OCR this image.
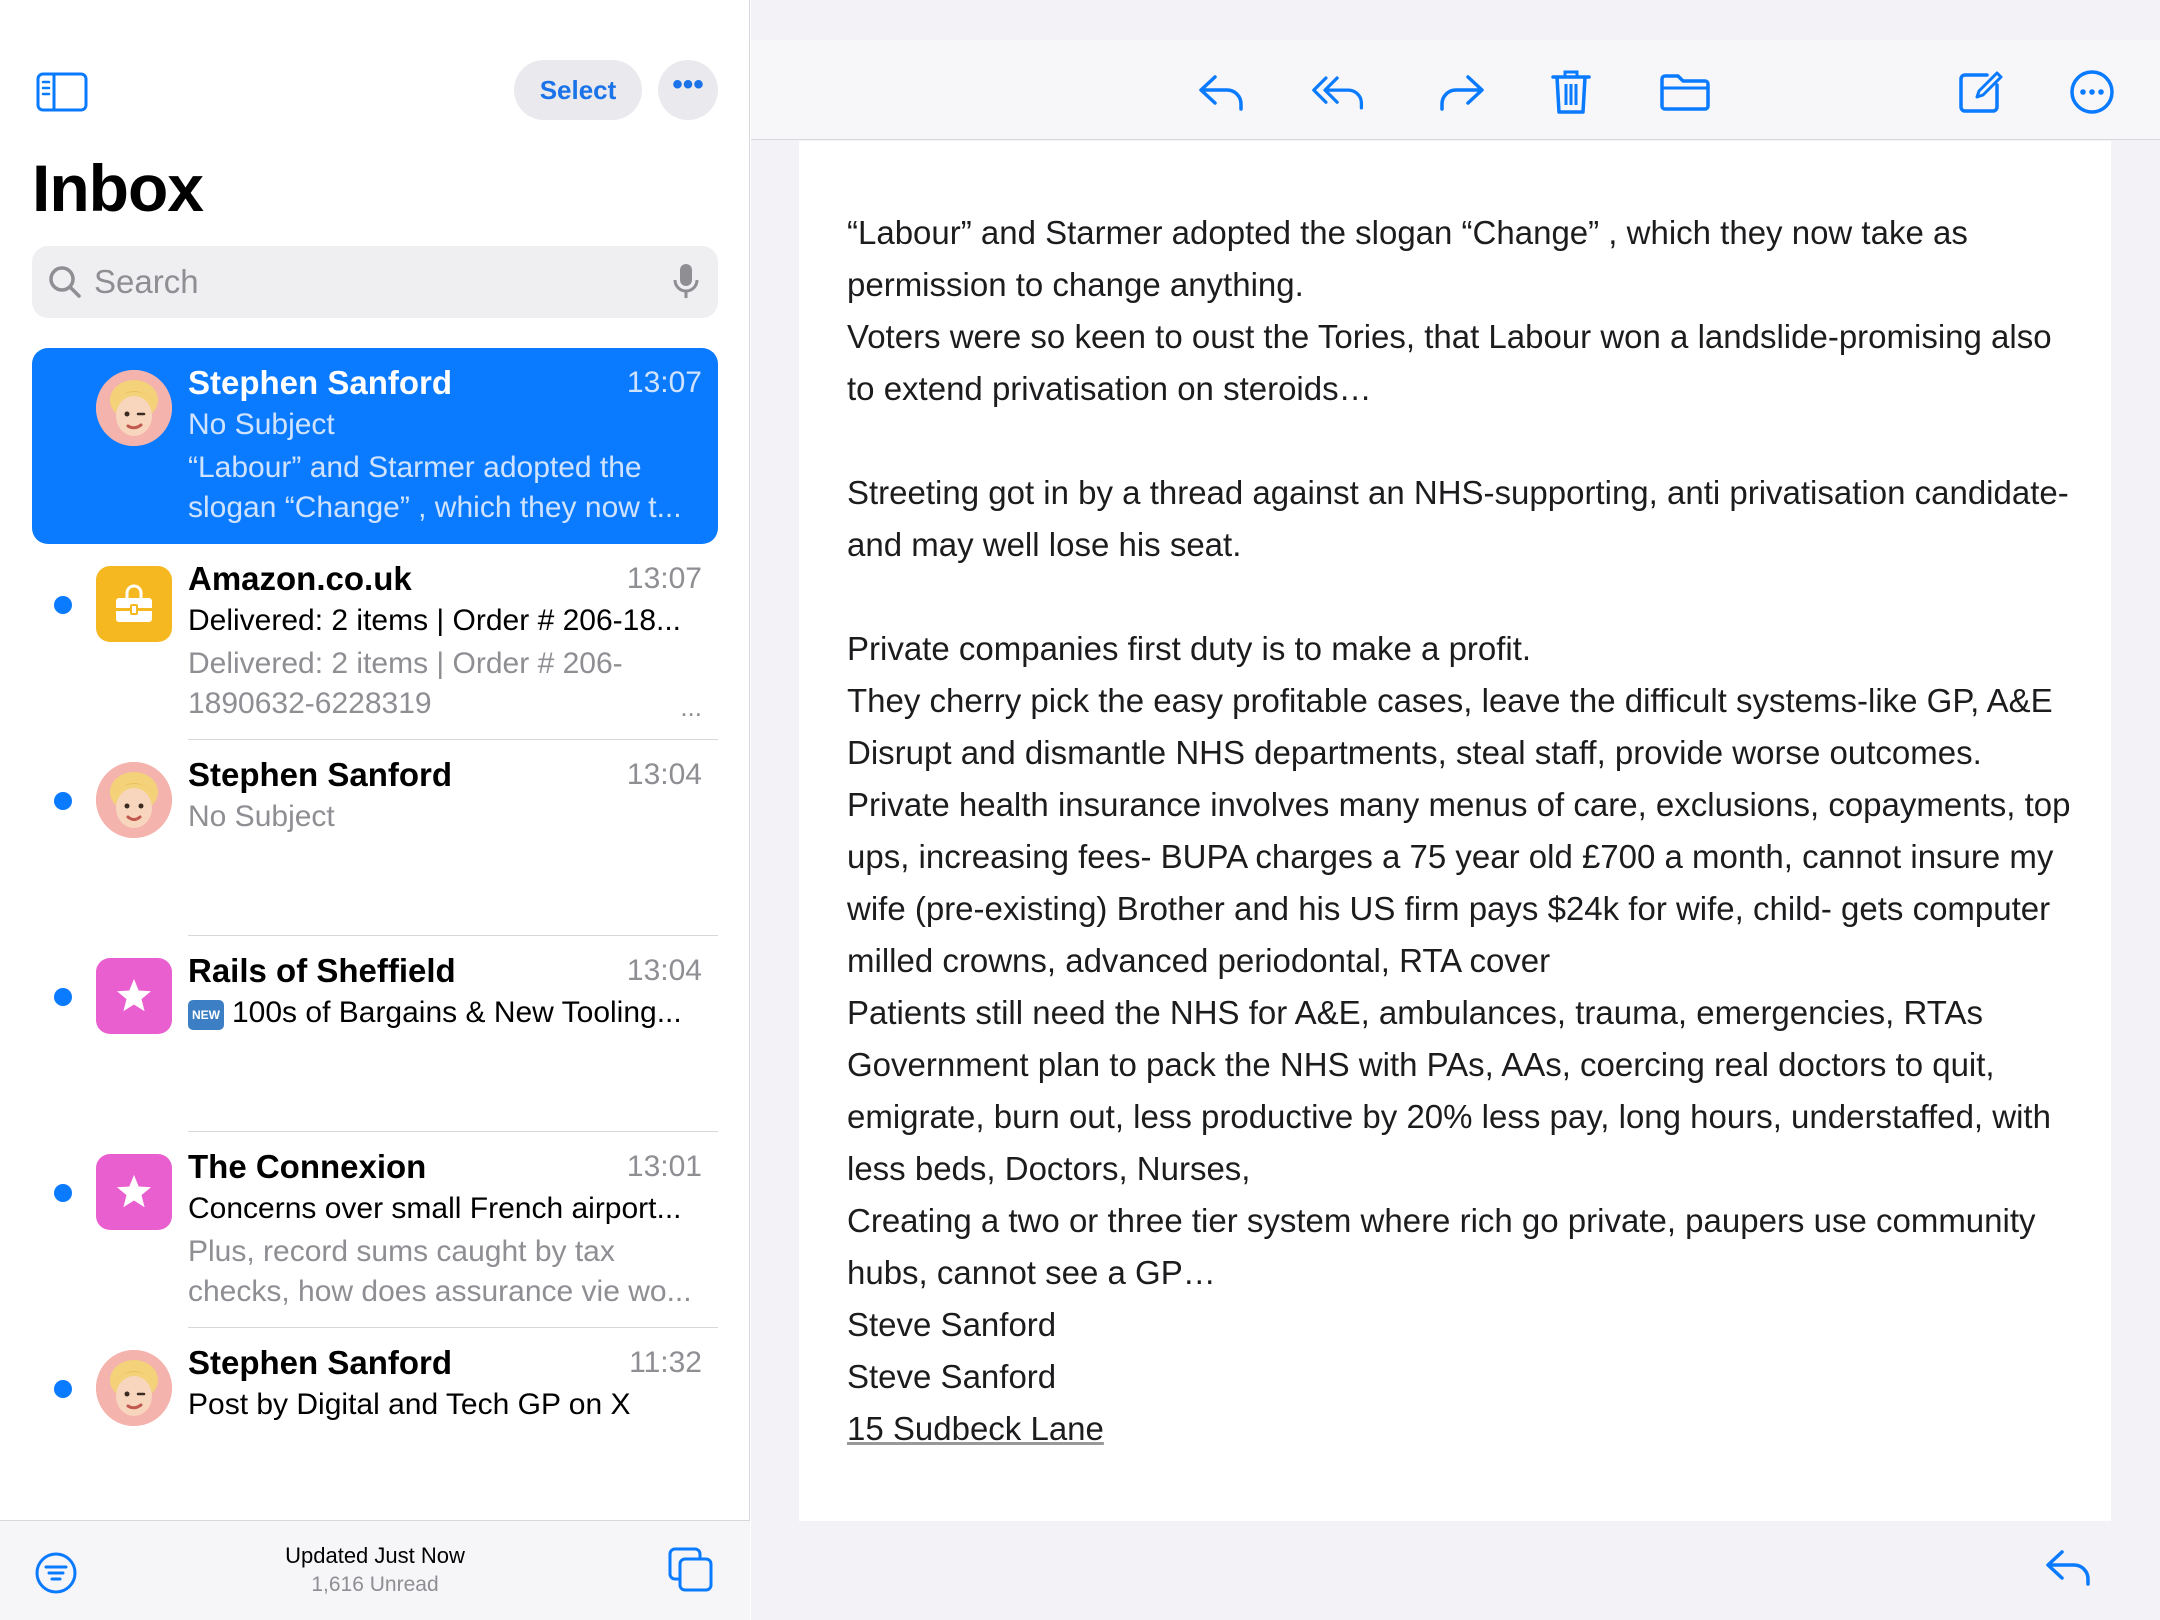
Select	•••
Inbox
Search
Stephen Sanford	13:07
No Subject
“Labour” and Starmer adopted the slogan “Change” , which they now t...
Amazon.co.uk	13:07
Delivered: 2 items | Order # 206-18...
Delivered: 2 items | Order # 206-1890632-6228319	...
Stephen Sanford	13:04
No Subject
Rails of Sheffield	13:04
NEW 100s of Bargains & New Tooling...
The Connexion	13:01
Concerns over small French airport...
Plus, record sums caught by tax checks, how does assurance vie wo...
Stephen Sanford	11:32
Post by Digital and Tech GP on X
Updated Just Now
1,616 Unread

“Labour” and Starmer adopted the slogan “Change” , which they now take as permission to change anything.

Voters were so keen to oust the Tories, that Labour won a landslide-promising also to extend privatisation on steroids…

Streeting got in by a thread against an NHS-supporting, anti privatisation candidate- and may well lose his seat.

Private companies first duty is to make a profit.

They cherry pick the easy profitable cases, leave the difficult systems-like GP, A&E

Disrupt and dismantle NHS departments, steal staff, provide worse outcomes.

Private health insurance involves many menus of care, exclusions, copayments, top ups, increasing fees- BUPA charges a 75 year old £700 a month, cannot insure my wife (pre-existing) Brother and his US firm pays $24k for wife, child- gets computer milled crowns, advanced periodontal, RTA cover

Patients still need the NHS for A&E, ambulances, trauma, emergencies, RTAs

Government plan to pack the NHS with PAs, AAs, coercing real doctors to quit, emigrate, burn out, less productive by 20% less pay, long hours, understaffed, with less beds, Doctors, Nurses,

Creating a two or three tier system where rich go private, paupers use community hubs, cannot see a GP…

Steve Sanford

Steve Sanford

15 Sudbeck Lane
